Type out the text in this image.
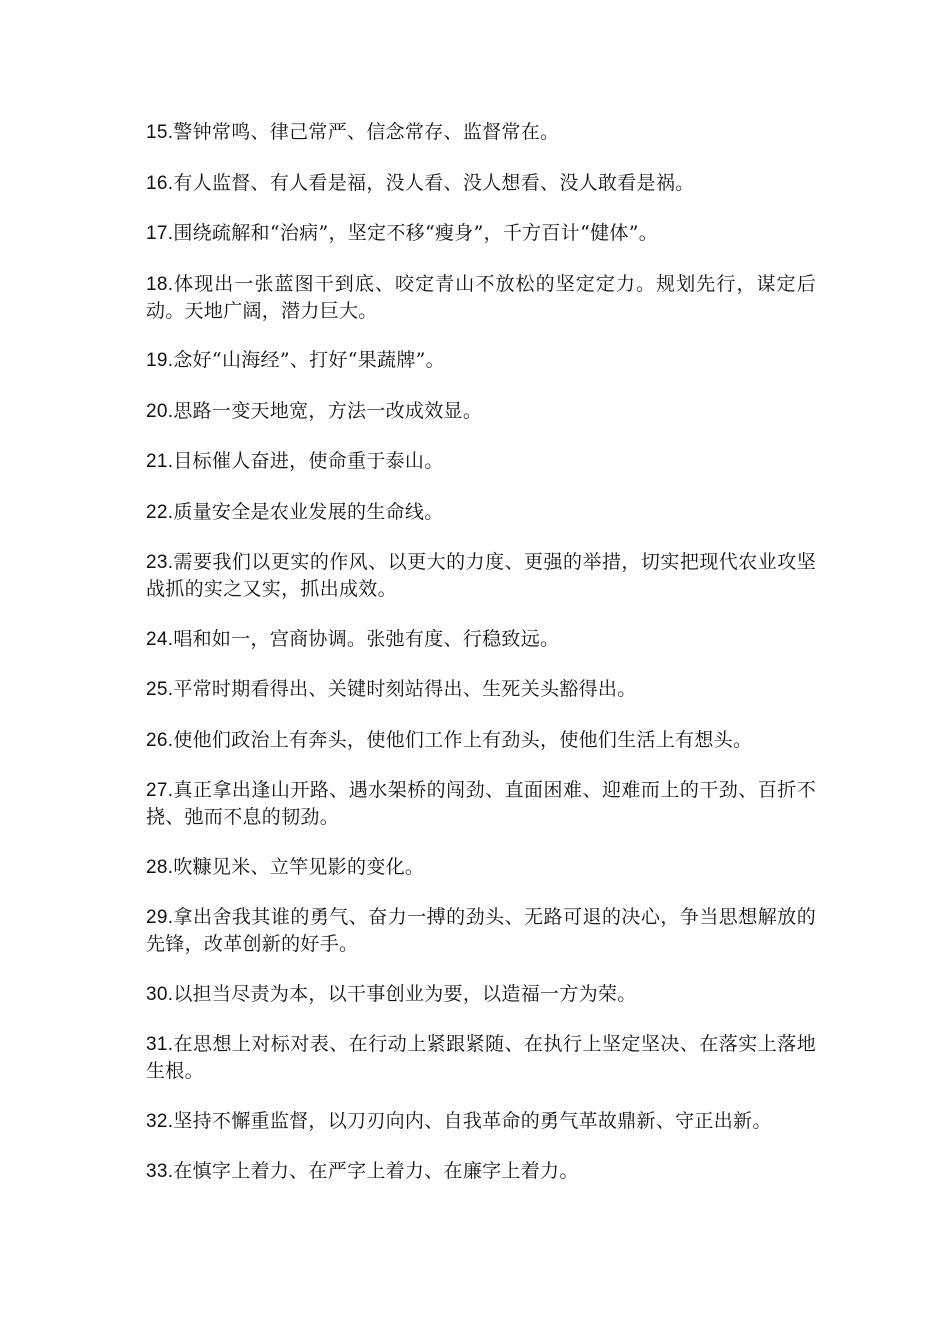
15.警钟常鸣、律己常严、信念常存、监督常在。

16.有人监督、有人看是福，没人看、没人想看、没人敢看是祸。

17.围绕疏解和“治病”，坚定不移“瘦身”，千方百计“健体”。

18.体现出一张蓝图干到底、咬定青山不放松的坚定定力。规划先行，谋定后动。天地广阔，潜力巨大。

19.念好“山海经”、打好“果蔬牌”。

20.思路一变天地宽，方法一改成效显。

21.目标催人奋进，使命重于泰山。

22.质量安全是农业发展的生命线。

23.需要我们以更实的作风、以更大的力度、更强的举措，切实把现代农业攻坚战抓的实之又实，抓出成效。

24.唱和如一，宫商协调。张弛有度、行稳致远。

25.平常时期看得出、关键时刻站得出、生死关头豁得出。

26.使他们政治上有奔头，使他们工作上有劲头，使他们生活上有想头。

27.真正拿出逢山开路、遇水架桥的闯劲、直面困难、迎难而上的干劲、百折不挠、弛而不息的韧劲。

28.吹糠见米、立竿见影的变化。

29.拿出舍我其谁的勇气、奋力一搏的劲头、无路可退的决心，争当思想解放的先锋，改革创新的好手。

30.以担当尽责为本，以干事创业为要，以造福一方为荣。

31.在思想上对标对表、在行动上紧跟紧随、在执行上坚定坚决、在落实上落地生根。

32.坚持不懈重监督，以刀刃向内、自我革命的勇气革故鼎新、守正出新。

33.在慎字上着力、在严字上着力、在廉字上着力。
